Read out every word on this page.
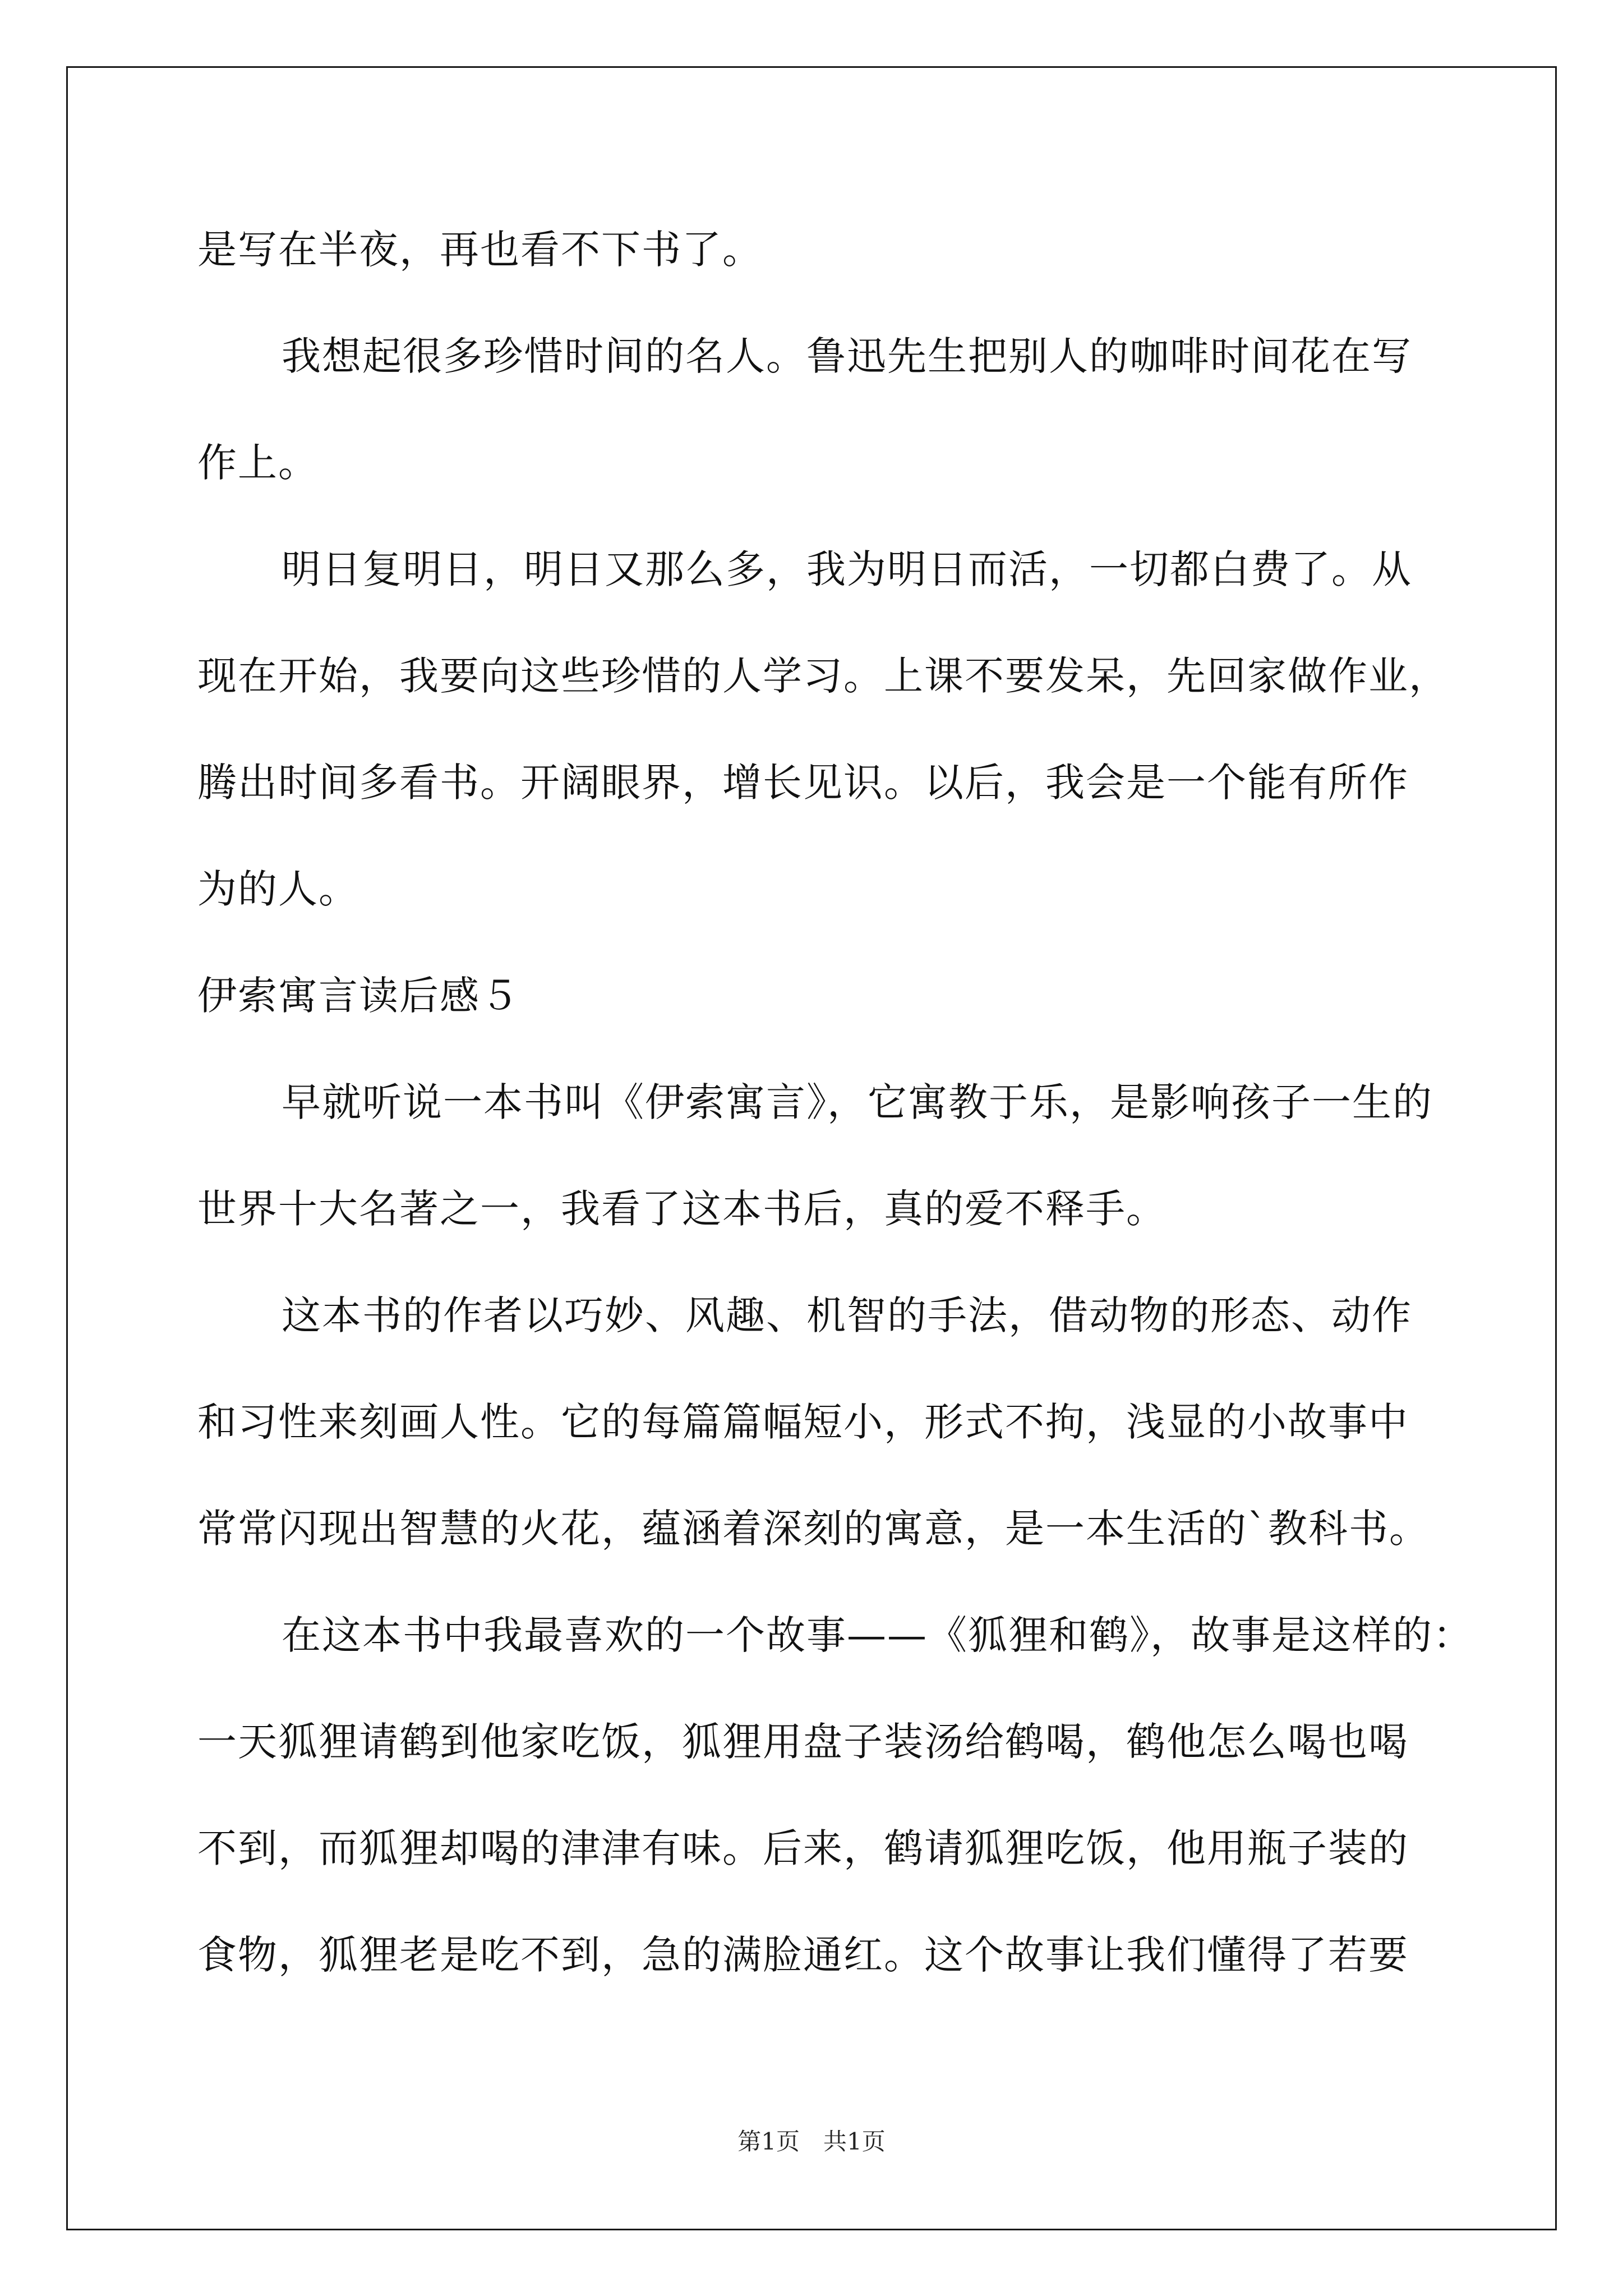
是写在半夜，再也看不下书了。
我想起很多珍惜时间的名人。鲁迅先生把别人的咖啡时间花在写
作上。
明日复明日，明日又那么多，我为明日而活，一切都白费了。从
现在开始，我要向这些珍惜的人学习。上课不要发呆，先回家做作业，
腾出时间多看书。开阔眼界，增长见识。以后，我会是一个能有所作
为的人。
伊索寓言读后感５
早就听说一本书叫《伊索寓言》，它寓教于乐，是影响孩子一生的
世界十大名著之一，我看了这本书后，真的爱不释手。
这本书的作者以巧妙、风趣、机智的手法，借动物的形态、动作
和习性来刻画人性。它的每篇篇幅短小，形式不拘，浅显的小故事中
常常闪现出智慧的火花，蕴涵着深刻的寓意，是一本生活的`教科书。
在这本书中我最喜欢的一个故事——《狐狸和鹤》，故事是这样的：
一天狐狸请鹤到他家吃饭，狐狸用盘子装汤给鹤喝，鹤他怎么喝也喝
不到，而狐狸却喝的津津有味。后来，鹤请狐狸吃饭，他用瓶子装的
食物，狐狸老是吃不到，急的满脸通红。这个故事让我们懂得了若要
第1页　共1页
